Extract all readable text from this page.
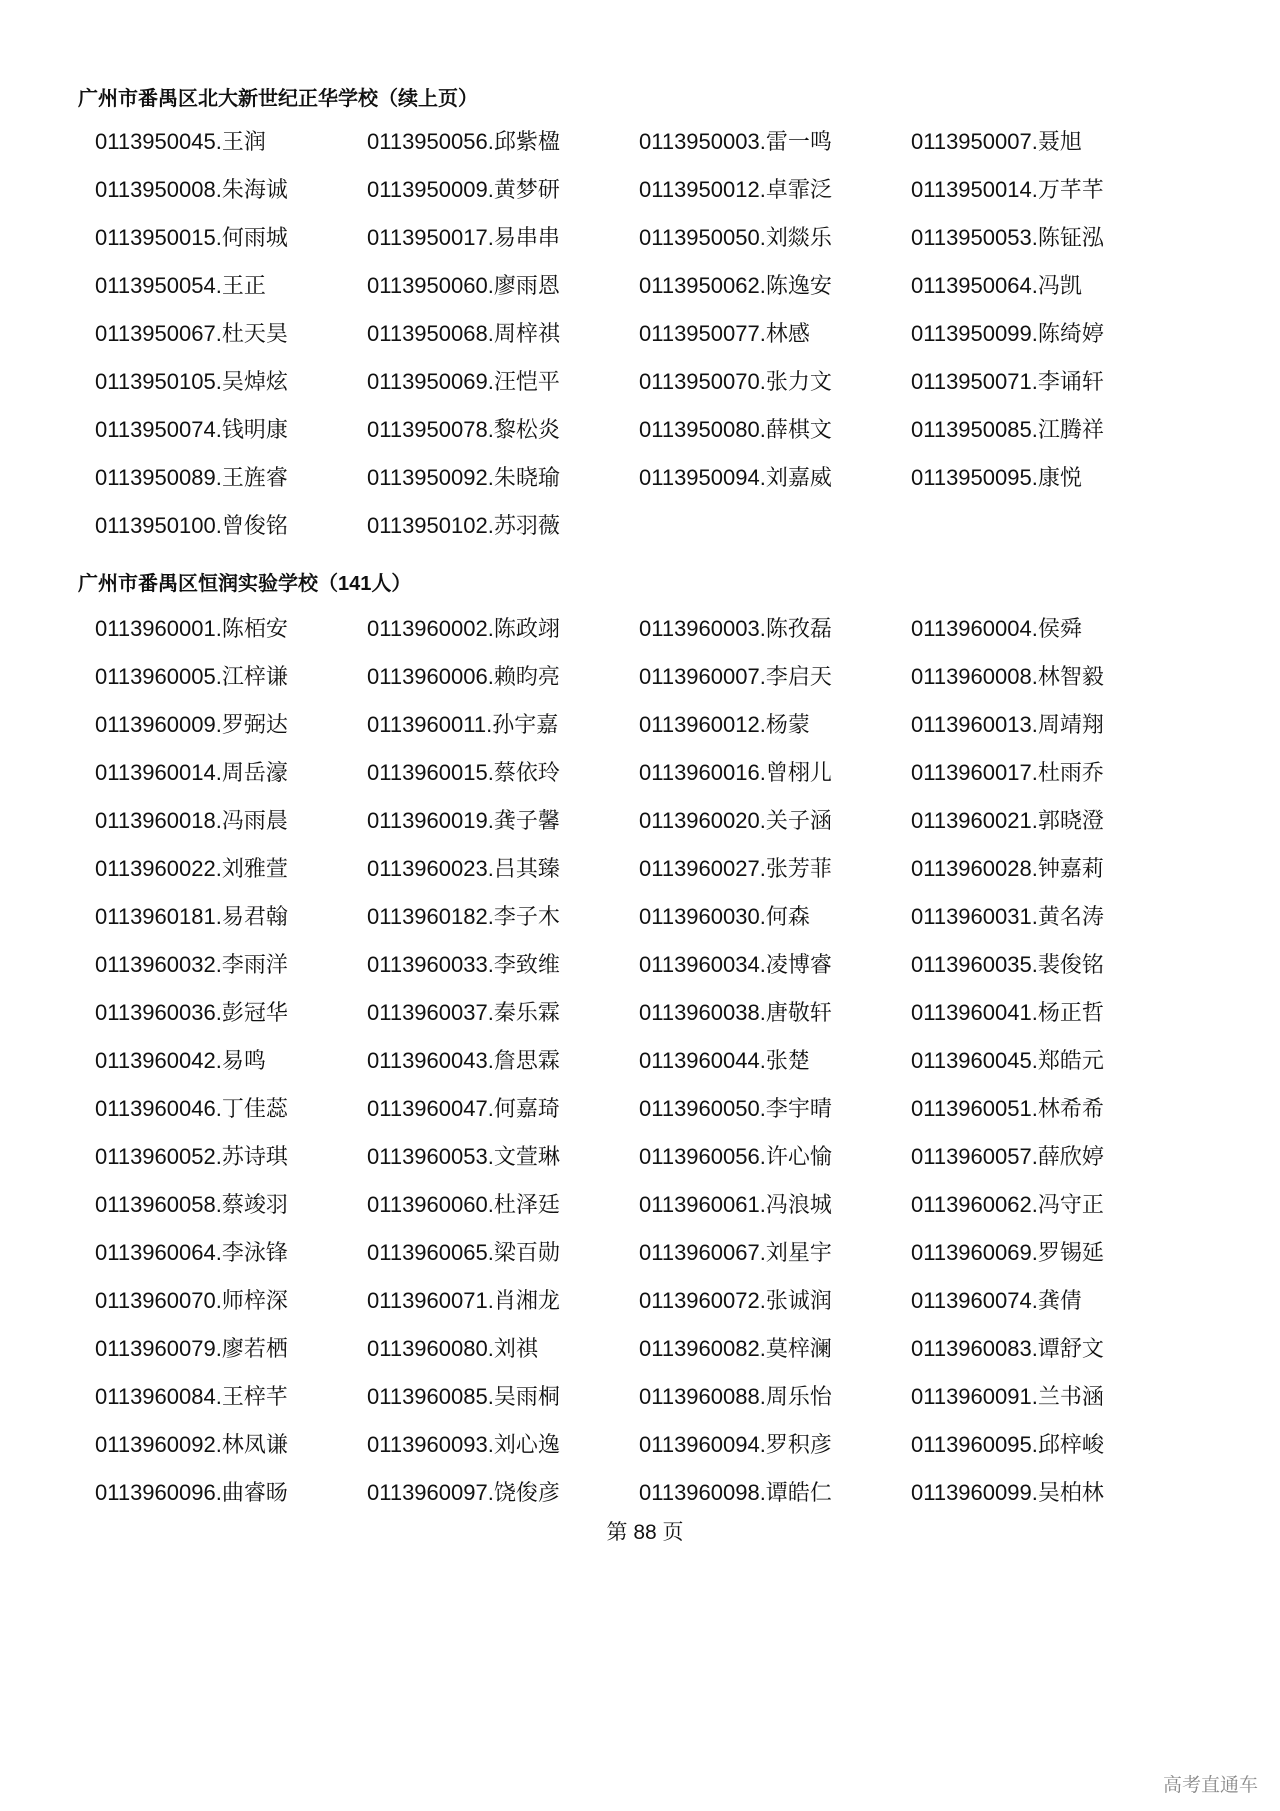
广州市番禺区北大新世纪正华学校（续上页）
0113950045.王润	0113950056.邱紫楹	0113950003.雷一鸣	0113950007.聂旭
0113950008.朱海诚	0113950009.黄梦研	0113950012.卓霏泛	0113950014.万芊芊
0113950015.何雨城	0113950017.易串串	0113950050.刘燚乐	0113950053.陈钲泓
0113950054.王正	0113950060.廖雨恩	0113950062.陈逸安	0113950064.冯凯
0113950067.杜天昊	0113950068.周梓祺	0113950077.林感	0113950099.陈绮婷
0113950105.吴焯炫	0113950069.汪恺平	0113950070.张力文	0113950071.李诵轩
0113950074.钱明康	0113950078.黎松炎	0113950080.薛棋文	0113950085.江腾祥
0113950089.王旌睿	0113950092.朱晓瑜	0113950094.刘嘉威	0113950095.康悦
0113950100.曾俊铭	0113950102.苏羽薇
广州市番禺区恒润实验学校（141人）
0113960001.陈栢安	0113960002.陈政翊	0113960003.陈孜磊	0113960004.侯舜
0113960005.江梓谦	0113960006.赖昀亮	0113960007.李启天	0113960008.林智毅
0113960009.罗弼达	0113960011.孙宇嘉	0113960012.杨蒙	0113960013.周靖翔
0113960014.周岳濠	0113960015.蔡依玲	0113960016.曾栩儿	0113960017.杜雨乔
0113960018.冯雨晨	0113960019.龚子馨	0113960020.关子涵	0113960021.郭晓澄
0113960022.刘雅萱	0113960023.吕其臻	0113960027.张芳菲	0113960028.钟嘉莉
0113960181.易君翰	0113960182.李子木	0113960030.何森	0113960031.黄名涛
0113960032.李雨洋	0113960033.李致维	0113960034.凌博睿	0113960035.裴俊铭
0113960036.彭冠华	0113960037.秦乐霖	0113960038.唐敬轩	0113960041.杨正哲
0113960042.易鸣	0113960043.詹思霖	0113960044.张楚	0113960045.郑皓元
0113960046.丁佳蕊	0113960047.何嘉琦	0113960050.李宇晴	0113960051.林希希
0113960052.苏诗琪	0113960053.文萱琳	0113960056.许心愉	0113960057.薛欣婷
0113960058.蔡竣羽	0113960060.杜泽廷	0113960061.冯浪城	0113960062.冯守正
0113960064.李泳锋	0113960065.梁百勋	0113960067.刘星宇	0113960069.罗锡延
0113960070.师梓深	0113960071.肖湘龙	0113960072.张诚润	0113960074.龚倩
0113960079.廖若栖	0113960080.刘祺	0113960082.莫梓澜	0113960083.谭舒文
0113960084.王梓芊	0113960085.吴雨桐	0113960088.周乐怡	0113960091.兰书涵
0113960092.林凤谦	0113960093.刘心逸	0113960094.罗积彦	0113960095.邱梓峻
0113960096.曲睿旸	0113960097.饶俊彦	0113960098.谭皓仁	0113960099.吴柏林
第 88 页
高考直通车
